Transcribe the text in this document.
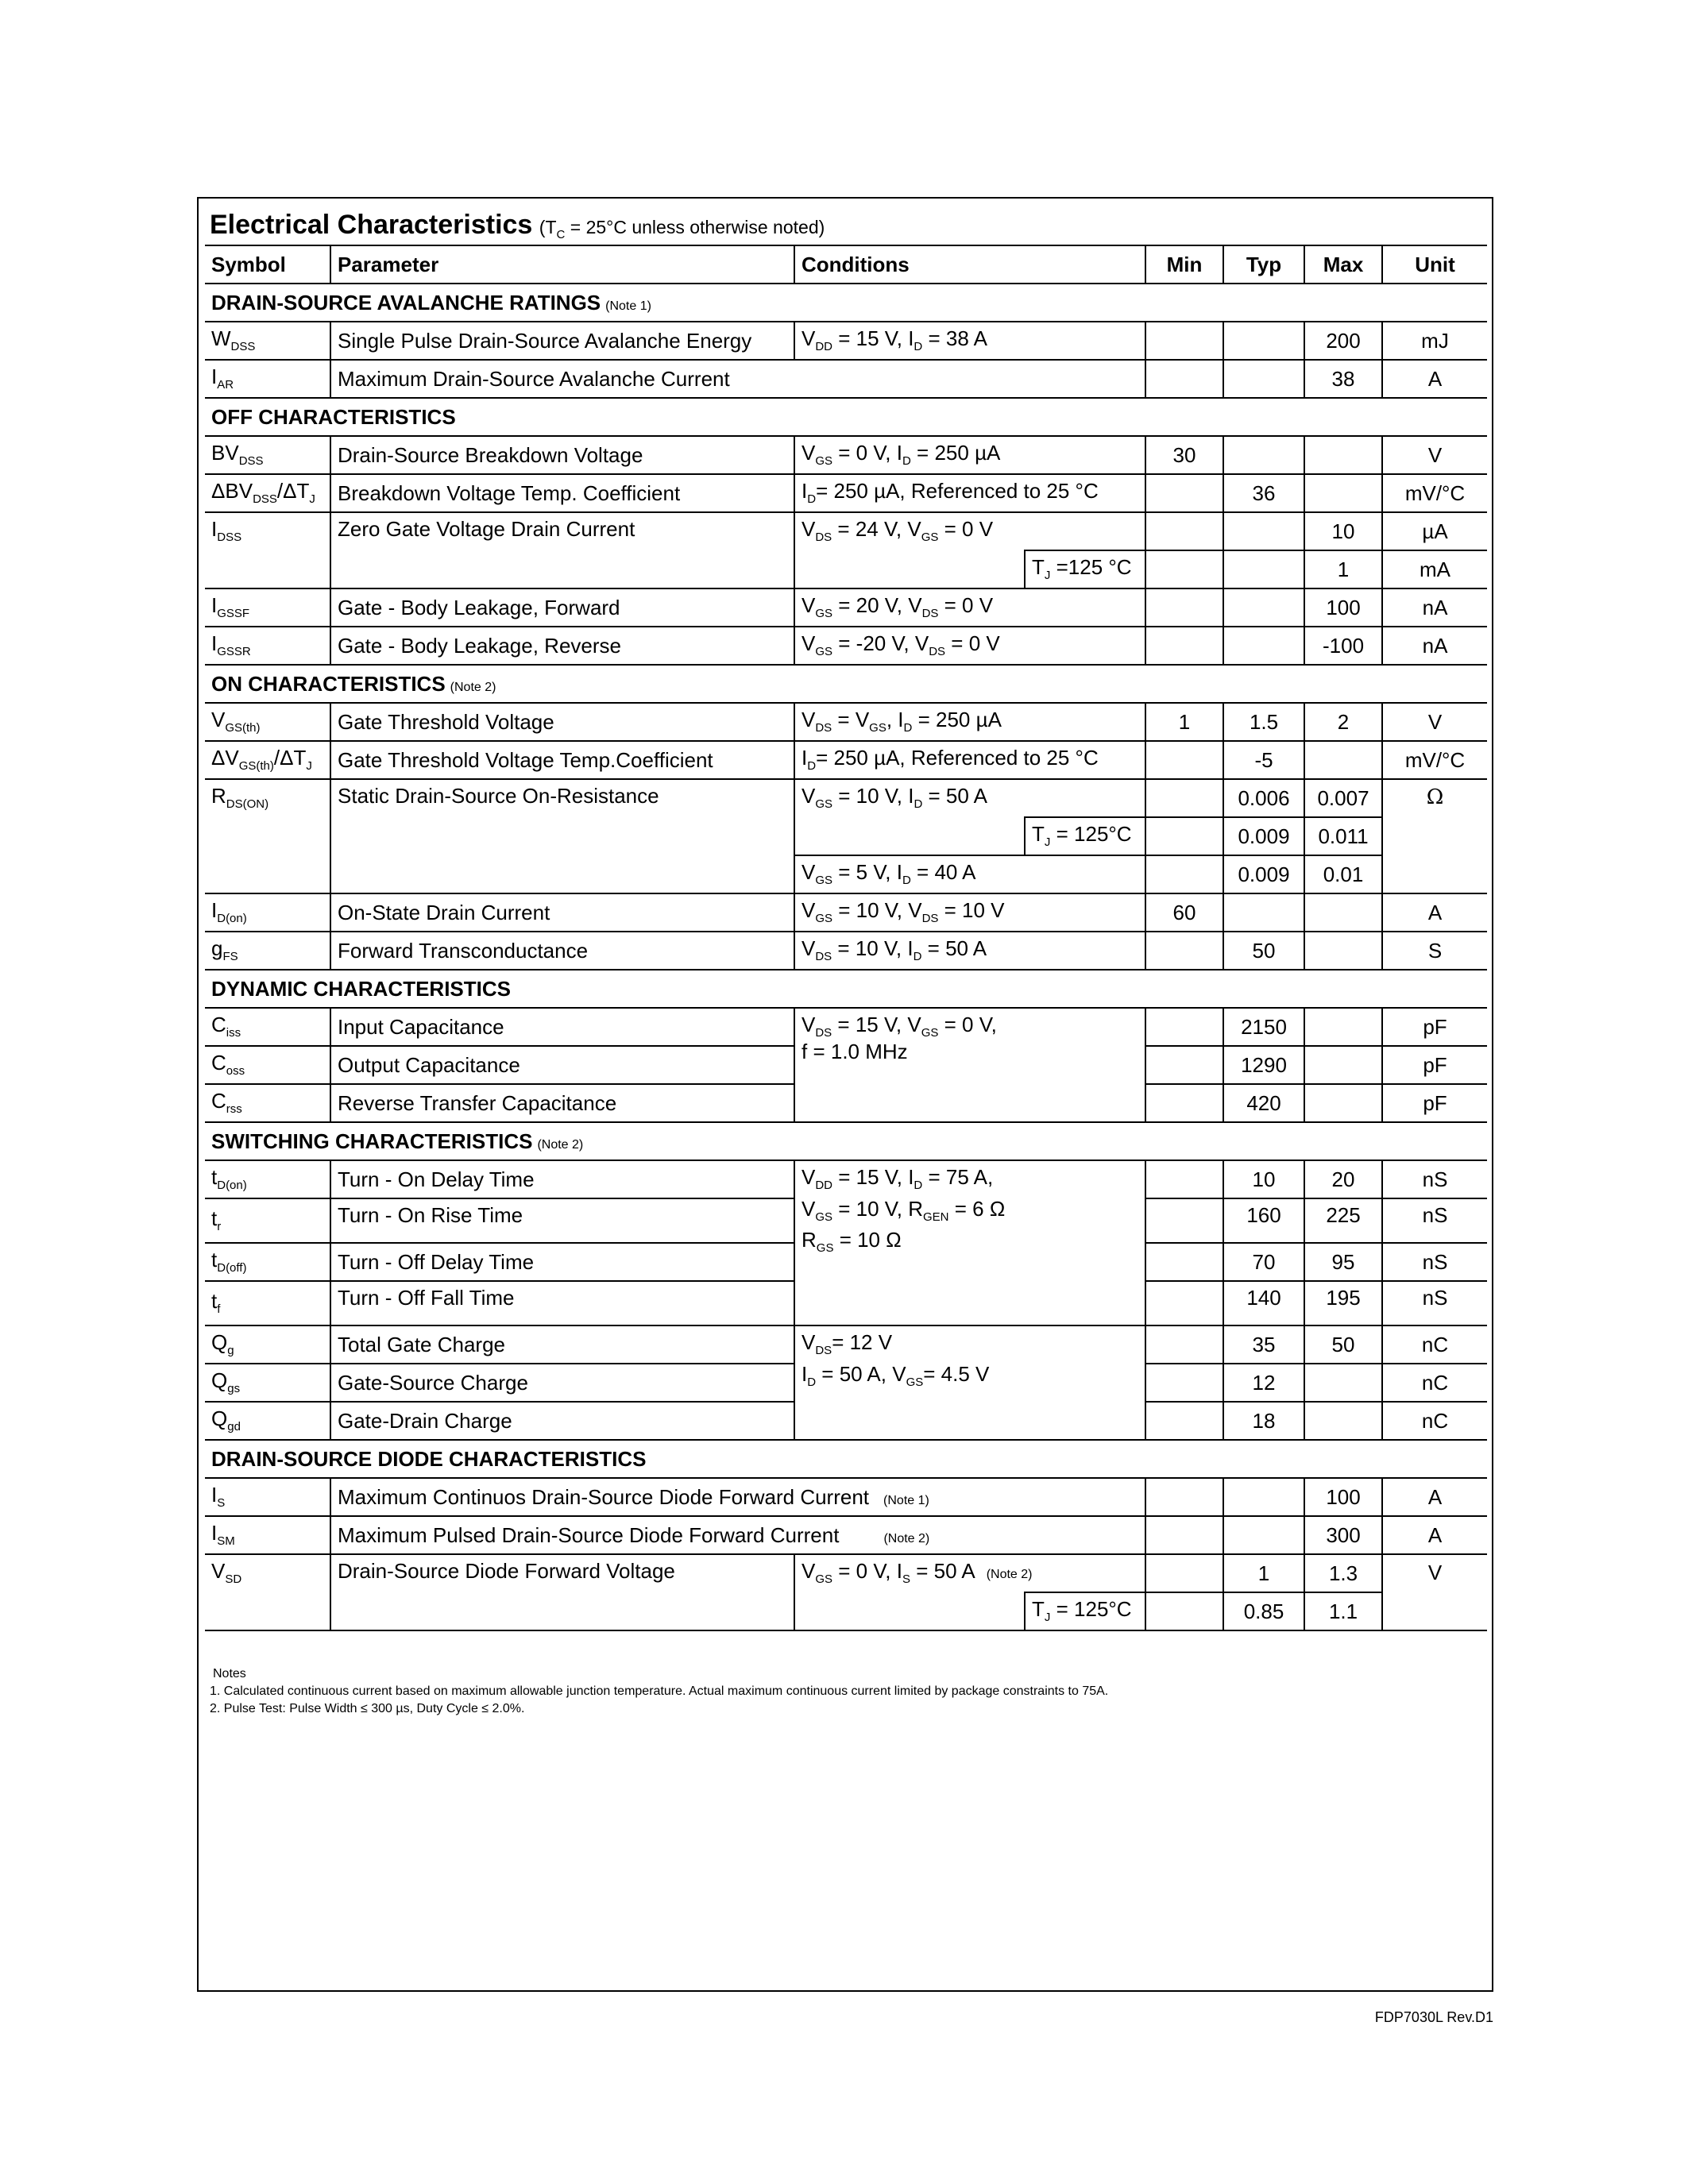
Electrical Characteristics ($T_C = 25^\circ C$ unless otherwise noted)
Symbol	Parameter	Conditions		Min	Typ	Max	Unit
DRAIN-SOURCE AVALANCHE RATINGS (Note 1)							
$W_{DSS}$	Single Pulse Drain-Source Avalanche Energy	$V_{DD} = 15$ V, $I_D = 38$ A				200	mJ
$I_{AR}$	Maximum Drain-Source Avalanche Current					38	A
OFF CHARACTERISTICS							
$BV_{DSS}$	Drain-Source Breakdown Voltage	$V_{GS} = 0$ V, $I_D = 250$ µA		30			V
$\Delta BV_{DSS}/\Delta T_J$	Breakdown Voltage Temp. Coefficient	$I_D= 250$ µA, Referenced to 25 °C			36		mV/°C
$I_{DSS}$	Zero Gate Voltage Drain Current	$V_{DS} = 24$ V, $V_{GS} = 0$ V				10	µA
			$T_J =125$ °C			1	mA
$I_{GSSF}$	Gate - Body Leakage, Forward	$V_{GS} = 20$ V, $V_{DS} = 0$ V				100	nA
$I_{GSSR}$	Gate - Body Leakage, Reverse	$V_{GS} = -20$ V, $V_{DS} = 0$ V				-100	nA
ON CHARACTERISTICS (Note 2)							
$V_{GS(th)}$	Gate Threshold Voltage	$V_{DS} = V_{GS}$, $I_D = 250$ µA		1	1.5	2	V
$\Delta V_{GS(th)}/\Delta T_J$	Gate Threshold Voltage Temp.Coefficient	$I_D= 250$ µA, Referenced to 25 °C			-5		mV/°C
$R_{DS(ON)}$	Static Drain-Source On-Resistance	$V_{GS} = 10$ V, $I_D = 50$ A			0.006	0.007	Ω
			$T_J = 125^\circ C$		0.009	0.011	
		$V_{GS} = 5$ V, $I_D = 40$ A			0.009	0.01	
$I_{D(on)}$	On-State Drain Current	$V_{GS} = 10$ V, $V_{DS} = 10$ V		60			A
$g_{FS}$	Forward Transconductance	$V_{DS} = 10$ V, $I_D = 50$ A			50		S
DYNAMIC CHARACTERISTICS							
$C_{iss}$	Input Capacitance	$V_{DS} = 15$ V, $V_{GS} = 0$ V,
f = 1.0 MHz			2150		pF
$C_{oss}$	Output Capacitance				1290		pF
$C_{rss}$	Reverse Transfer Capacitance				420		pF
SWITCHING CHARACTERISTICS (Note 2)							
$t_{D(on)}$	Turn - On Delay Time	$V_{DD} = 15$ V, $I_D = 75$ A,
$V_{GS} = 10$ V, $R_{GEN} = 6$ Ω
$R_{GS} = 10$ Ω			10	20	nS
$t_r$	Turn - On Rise Time				160	225	nS
$t_{D(off)}$	Turn - Off Delay Time				70	95	nS
$t_f$	Turn - Off Fall Time				140	195	nS
$Q_g$	Total Gate Charge	$V_{DS}= 12$ V
$I_D = 50$ A, $V_{GS}= 4.5$ V			35	50	nC
$Q_{gs}$	Gate-Source Charge				12		nC
$Q_{gd}$	Gate-Drain Charge				18		nC
DRAIN-SOURCE DIODE CHARACTERISTICS							
$I_S$	Maximum Continuos Drain-Source Diode Forward Current (Note 1)					100	A
$I_{SM}$	Maximum Pulsed Drain-Source Diode Forward Current (Note 2)					300	A
$V_{SD}$	Drain-Source Diode Forward Voltage	$V_{GS} = 0$ V, $I_S = 50$ A (Note 2)			1	1.3	V
			$T_J = 125^\circ C$		0.85	1.1	
Notes
1. Calculated continuous current based on maximum allowable junction temperature. Actual maximum continuous current limited by package constraints to 75A.
2. Pulse Test: Pulse Width ≤ 300 µs, Duty Cycle ≤ 2.0%.
FDP7030L Rev.D1
